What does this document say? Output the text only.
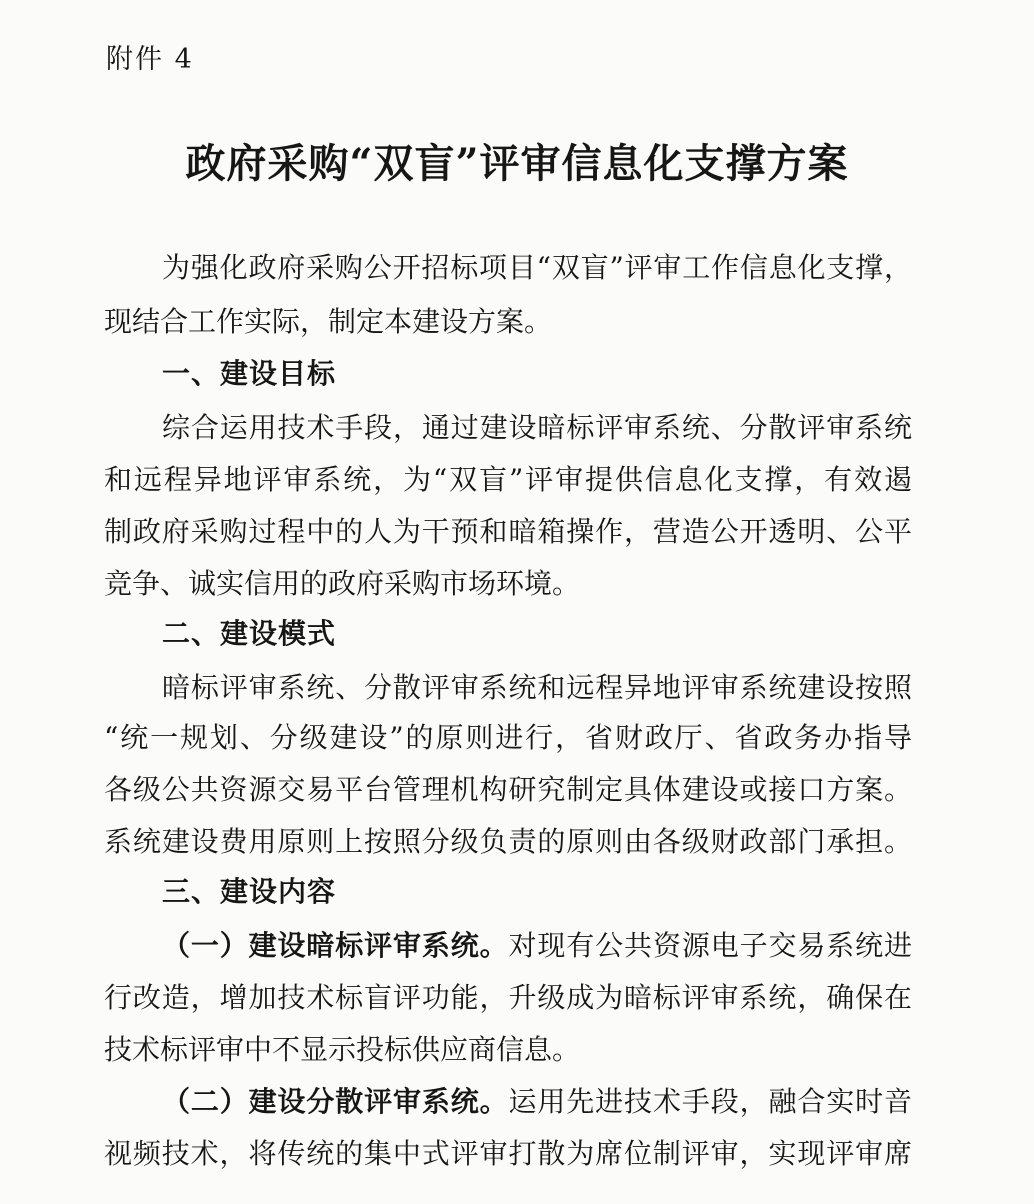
附件 4
政府采购“双盲”评审信息化支撑方案
为强化政府采购公开招标项目“双盲”评审工作信息化支撑，
现结合工作实际，制定本建设方案。
一、建设目标
综合运用技术手段，通过建设暗标评审系统、分散评审系统
和远程异地评审系统，为“双盲”评审提供信息化支撑，有效遏
制政府采购过程中的人为干预和暗箱操作，营造公开透明、公平
竞争、诚实信用的政府采购市场环境。
二、建设模式
暗标评审系统、分散评审系统和远程异地评审系统建设按照
“统一规划、分级建设”的原则进行，省财政厅、省政务办指导
各级公共资源交易平台管理机构研究制定具体建设或接口方案。
系统建设费用原则上按照分级负责的原则由各级财政部门承担。
三、建设内容
（一）建设暗标评审系统。对现有公共资源电子交易系统进
行改造，增加技术标盲评功能，升级成为暗标评审系统，确保在
技术标评审中不显示投标供应商信息。
（二）建设分散评审系统。运用先进技术手段，融合实时音
视频技术，将传统的集中式评审打散为席位制评审，实现评审席
